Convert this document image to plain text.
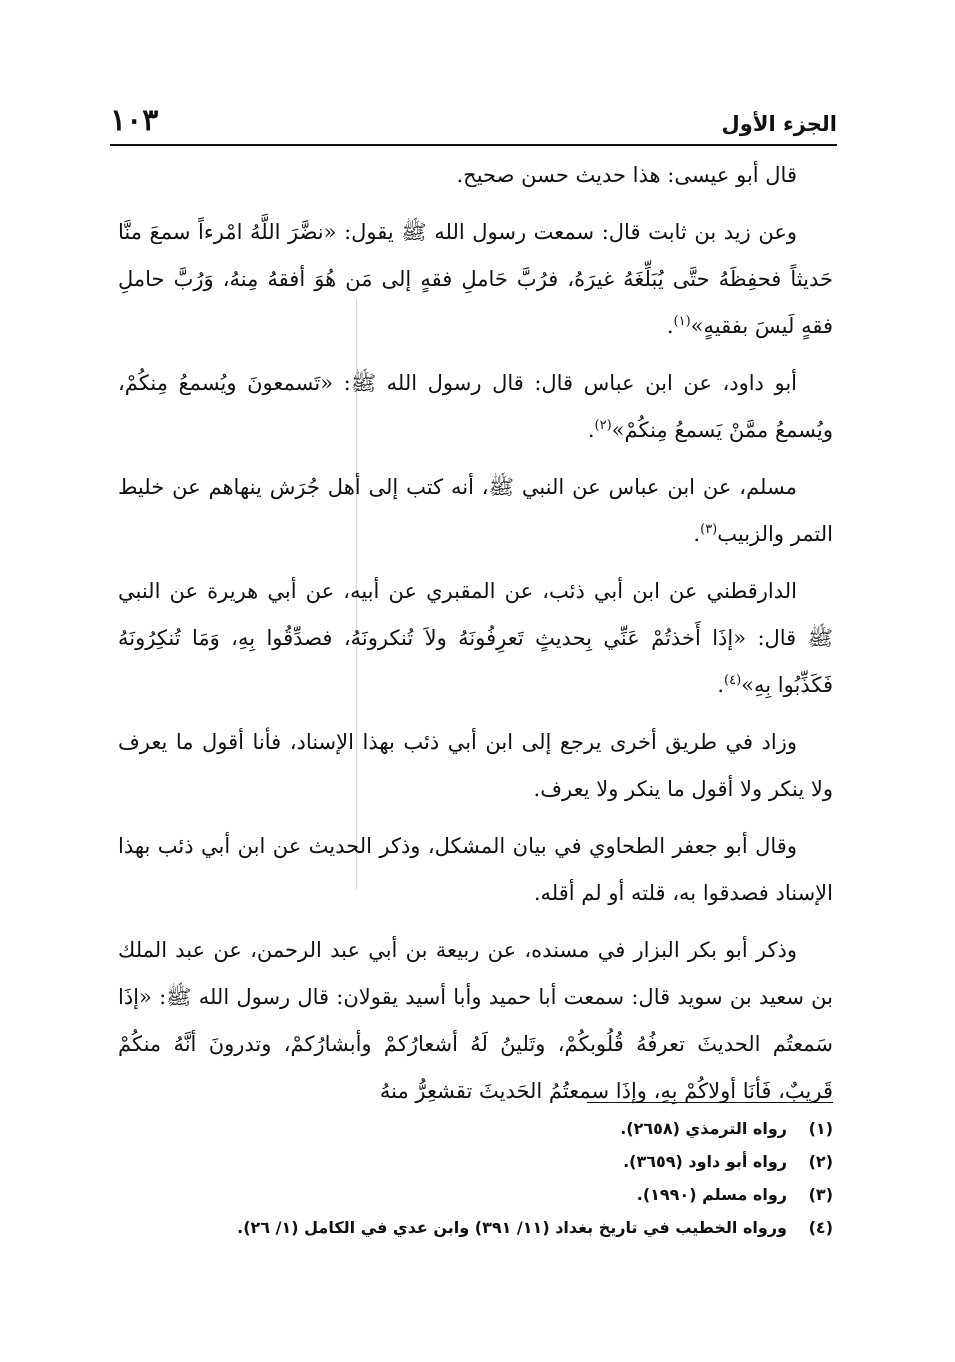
الجزء الأول
١٠٣

قال أبو عيسى: هذا حديث حسن صحيح.

وعن زيد بن ثابت قال: سمعت رسول الله ﷺ يقول: «نضَّرَ اللَّهُ امْرءاً سمعَ منَّا حَديثاً فحفِظَهُ حتَّى يُبَلِّغَهُ غيرَهُ، فرُبَّ حَاملِ فقهٍ إلى مَن هُوَ أفقهُ مِنهُ، وَرُبَّ حاملِ فقهٍ لَيسَ بفقيهٍ»$^{(١)}$.

أبو داود، عن ابن عباس قال: قال رسول الله ﷺ: «تَسمعونَ ويُسمعُ مِنكُمْ، ويُسمعُ ممَّنْ يَسمعُ مِنكُمْ»$^{(٢)}$.

مسلم، عن ابن عباس عن النبي ﷺ، أنه كتب إلى أهل جُرَش ينهاهم عن خليط التمر والزبيب$^{(٣)}$.

الدارقطني عن ابن أبي ذئب، عن المقبري عن أبيه، عن أبي هريرة عن النبي ﷺ قال: «إذَا أَخذتُمْ عَنِّي بِحديثٍ تَعرِفُونَهُ ولاَ تُنكرونَهُ، فصدِّقُوا بِهِ، وَمَا تُنكِرُونَهُ فَكَذِّبُوا بِهِ»$^{(٤)}$.

وزاد في طريق أخرى يرجع إلى ابن أبي ذئب بهذا الإسناد، فأنا أقول ما يعرف ولا ينكر ولا أقول ما ينكر ولا يعرف.

وقال أبو جعفر الطحاوي في بيان المشكل، وذكر الحديث عن ابن أبي ذئب بهذا الإسناد فصدقوا به، قلته أو لم أقله.

وذكر أبو بكر البزار في مسنده، عن ربيعة بن أبي عبد الرحمن، عن عبد الملك بن سعيد بن سويد قال: سمعت أبا حميد وأبا أسيد يقولان: قال رسول الله ﷺ: «إذَا سَمعتُم الحديثَ تعرفُهُ قُلُوبكُمْ، وتَلينُ لَهُ أشعارُكمْ وأبشارُكمْ، وتدرونَ أنَّهُ منكُمْ قَريبٌ، فَأنَا أولاكُمْ بِهِ، وإذَا سمعتُمُ الحَديثَ تقشعِرُّ منهُ

(١)
رواه الترمذي (٢٦٥٨).
(٢)
رواه أبو داود (٣٦٥٩).
(٣)
رواه مسلم (١٩٩٠).
(٤)
ورواه الخطيب في تاريخ بغداد (١١/ ٣٩١) وابن عدي في الكامل (١/ ٢٦).
